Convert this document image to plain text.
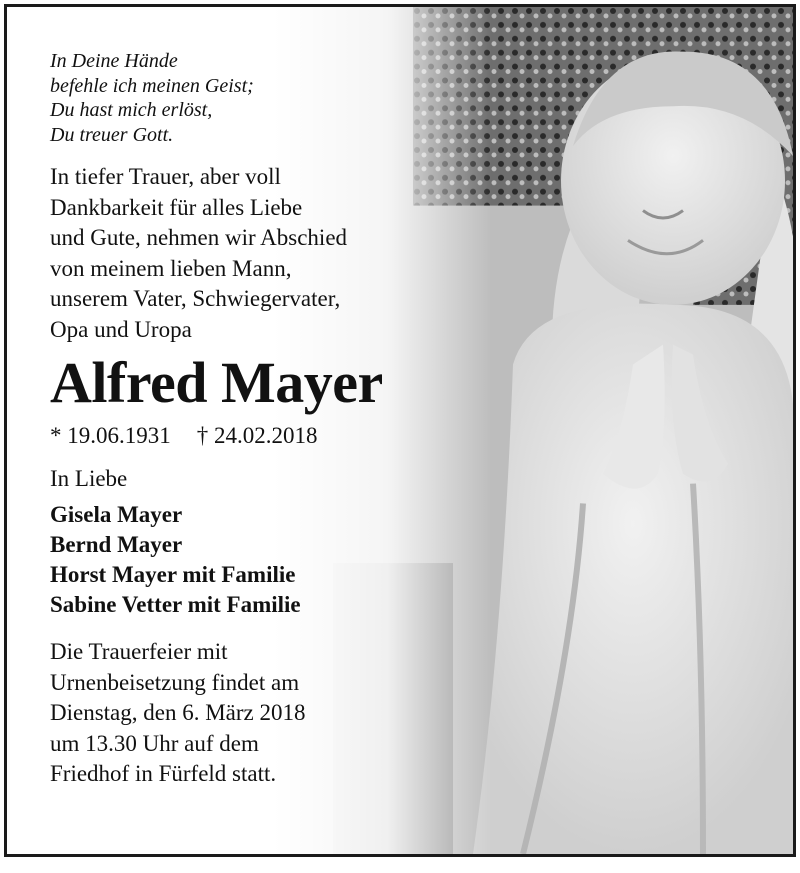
In Deine Hände
befehle ich meinen Geist;
Du hast mich erlöst,
Du treuer Gott.
In tiefer Trauer, aber voll
Dankbarkeit für alles Liebe
und Gute, nehmen wir Abschied
von meinem lieben Mann,
unserem Vater, Schwiegervater,
Opa und Uropa
Alfred Mayer
* 19.06.1931 † 24.02.2018
In Liebe
Gisela Mayer
Bernd Mayer
Horst Mayer mit Familie
Sabine Vetter mit Familie
Die Trauerfeier mit
Urnenbeisetzung findet am
Dienstag, den 6. März 2018
um 13.30 Uhr auf dem
Friedhof in Fürfeld statt.
